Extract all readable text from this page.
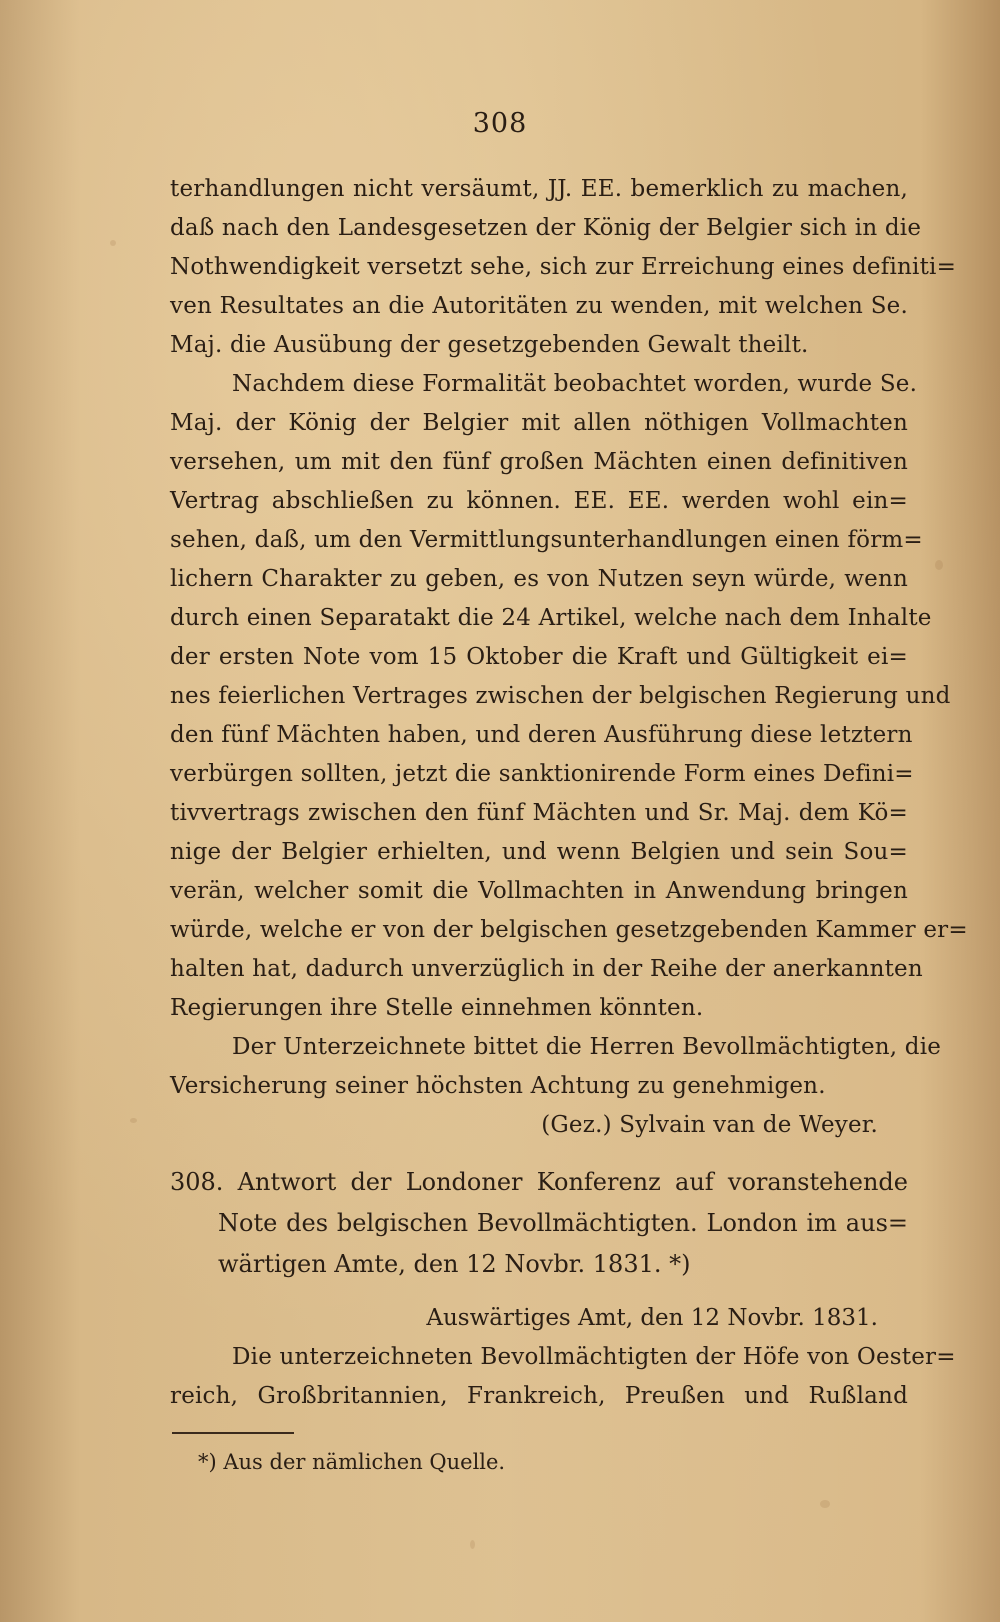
308
terhandlungen nicht versäumt, JJ. EE. bemerklich zu machen,
daß nach den Landesgesetzen der König der Belgier sich in die
Nothwendigkeit versetzt sehe, sich zur Erreichung eines definiti=
ven Resultates an die Autoritäten zu wenden, mit welchen Se.
Maj. die Ausübung der gesetzgebenden Gewalt theilt.
Nachdem diese Formalität beobachtet worden, wurde Se.
Maj. der König der Belgier mit allen nöthigen Vollmachten
versehen, um mit den fünf großen Mächten einen definitiven
Vertrag abschließen zu können. EE. EE. werden wohl ein=
sehen, daß, um den Vermittlungsunterhandlungen einen förm=
lichern Charakter zu geben, es von Nutzen seyn würde, wenn
durch einen Separatakt die 24 Artikel, welche nach dem Inhalte
der ersten Note vom 15 Oktober die Kraft und Gültigkeit ei=
nes feierlichen Vertrages zwischen der belgischen Regierung und
den fünf Mächten haben, und deren Ausführung diese letztern
verbürgen sollten, jetzt die sanktionirende Form eines Defini=
tivvertrags zwischen den fünf Mächten und Sr. Maj. dem Kö=
nige der Belgier erhielten, und wenn Belgien und sein Sou=
verän, welcher somit die Vollmachten in Anwendung bringen
würde, welche er von der belgischen gesetzgebenden Kammer er=
halten hat, dadurch unverzüglich in der Reihe der anerkannten
Regierungen ihre Stelle einnehmen könnten.
Der Unterzeichnete bittet die Herren Bevollmächtigten, die
Versicherung seiner höchsten Achtung zu genehmigen.
(Gez.) Sylvain van de Weyer.
308. Antwort der Londoner Konferenz auf voranstehende
Note des belgischen Bevollmächtigten. London im aus=
wärtigen Amte, den 12 Novbr. 1831. *)
Auswärtiges Amt, den 12 Novbr. 1831.
Die unterzeichneten Bevollmächtigten der Höfe von Oester=
reich, Großbritannien, Frankreich, Preußen und Rußland
*) Aus der nämlichen Quelle.
